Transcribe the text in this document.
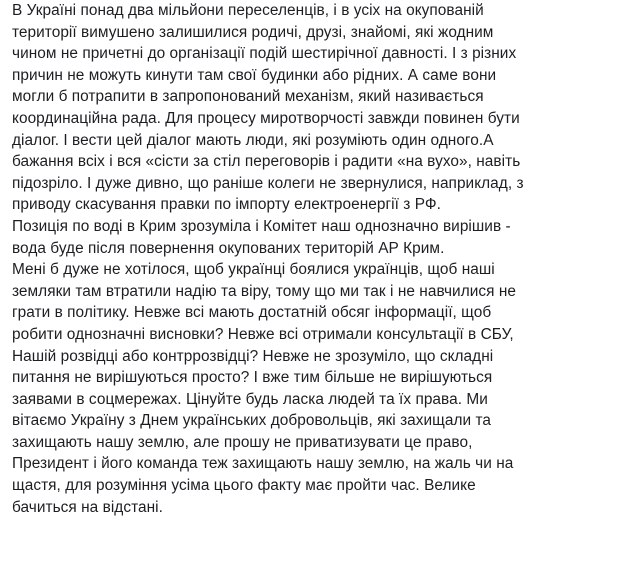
В Україні понад два мільйони переселенців, і в усіх на окупованій
території вимушено залишилися родичі, друзі, знайомі, які жодним
чином не причетні до організації подій шестирічної давності. І з різних
причин не можуть кинути там свої будинки або рідних. А саме вони
могли б потрапити в запропонований механізм, який називається
координаційна рада. Для процесу миротворчості завжди повинен бути
діалог. І вести цей діалог мають люди, які розуміють один одного.А
бажання всіх і вся «сісти за стіл переговорів і радити «на вухо», навіть
підозріло. І дуже дивно, що раніше колеги не звернулися, наприклад, з
приводу скасування правки по імпорту електроенергії з РФ.
Позиція по воді в Крим зрозуміла і Комітет наш однозначно вирішив -
вода буде після повернення окупованих територій АР Крим.
Мені б дуже не хотілося, щоб українці боялися українців, щоб наші
земляки там втратили надію та віру, тому що ми так і не навчилися не
грати в політику. Невже всі мають достатній обсяг інформації, щоб
робити однозначні висновки? Невже всі отримали консультації в СБУ,
Нашій розвідці або контррозвідці? Невже не зрозуміло, що складні
питання не вирішуються просто? І вже тим більше не вирішуються
заявами в соцмережах. Цінуйте будь ласка людей та їх права. Ми
вітаємо Україну з Днем українських добровольців, які захищали та
захищають нашу землю, але прошу не приватизувати це право,
Президент і його команда теж захищають нашу землю, на жаль чи на
щастя, для розуміння усіма цього факту має пройти час. Велике
бачиться на відстані.
